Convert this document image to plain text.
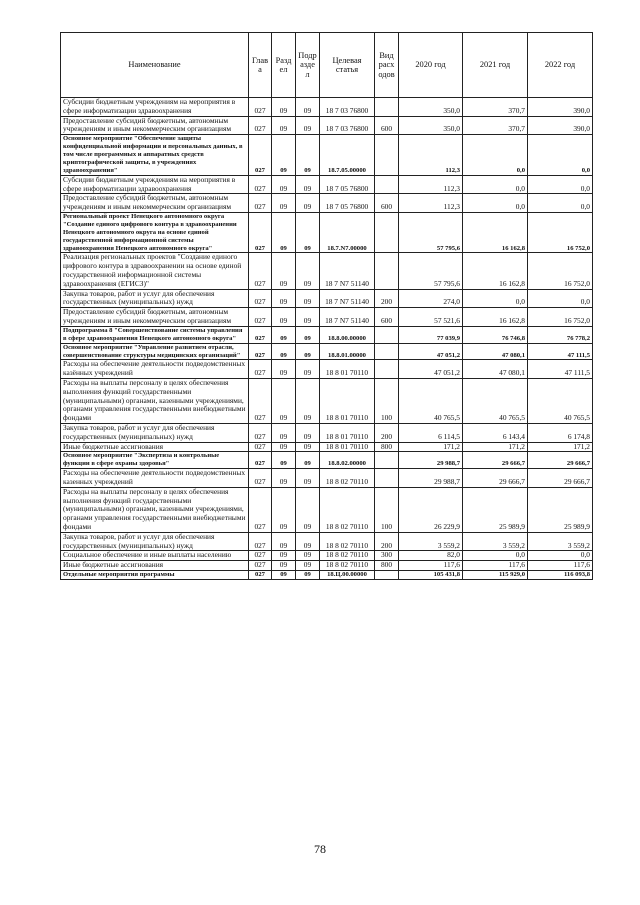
Наименование	Глава	Раздел	Подраздел	Целевая статья	Вид расходов	2020 год	2021 год	2022 год
Субсидии бюджетным учреждениям на мероприятия в сфере информатизации здравоохранения	027	09	09	18 7 03 76800		350,0	370,7	390,0
Предоставление субсидий бюджетным, автономным учреждениям и иным некоммерческим организациям	027	09	09	18 7 03 76800	600	350,0	370,7	390,0
Основное мероприятие "Обеспечение защиты конфиденциальной информации и персональных данных, в том числе программных и аппаратных средств криптографической защиты, в учреждениях здравоохранения"	027	09	09	18.7.05.00000		112,3	0,0	0,0
Субсидии бюджетным учреждениям на мероприятия в сфере информатизации здравоохранения	027	09	09	18 7 05 76800		112,3	0,0	0,0
Предоставление субсидий бюджетным, автономным учреждениям и иным некоммерческим организациям	027	09	09	18 7 05 76800	600	112,3	0,0	0,0
Региональный проект Ненецкого автономного округа "Создание единого цифрового контура в здравоохранении Ненецкого автономного округа на основе единой государственной информационной системы здравоохранения Ненецкого автономного округа"	027	09	09	18.7.N7.00000		57 795,6	16 162,8	16 752,0
Реализация региональных проектов "Создание единого цифрового контура в здравоохранении на основе единой государственной информационной системы здравоохранения (ЕГИСЗ)"	027	09	09	18 7 N7 51140		57 795,6	16 162,8	16 752,0
Закупка товаров, работ и услуг для обеспечения государственных (муниципальных) нужд	027	09	09	18 7 N7 51140	200	274,0	0,0	0,0
Предоставление субсидий бюджетным, автономным учреждениям и иным некоммерческим организациям	027	09	09	18 7 N7 51140	600	57 521,6	16 162,8	16 752,0
Подпрограмма 8 "Совершенствование системы управления в сфере здравоохранения Ненецкого автономного округа"	027	09	09	18.8.00.00000		77 039,9	76 746,8	76 778,2
Основное мероприятие "Управление развитием отрасли, совершенствование структуры медицинских организаций"	027	09	09	18.8.01.00000		47 051,2	47 080,1	47 111,5
Расходы на обеспечение деятельности подведомственных казённых учреждений	027	09	09	18 8 01 70110		47 051,2	47 080,1	47 111,5
Расходы на выплаты персоналу в целях обеспечения выполнения функций государственными (муниципальными) органами, казенными учреждениями, органами управления государственными внебюджетными фондами	027	09	09	18 8 01 70110	100	40 765,5	40 765,5	40 765,5
Закупка товаров, работ и услуг для обеспечения государственных (муниципальных) нужд	027	09	09	18 8 01 70110	200	6 114,5	6 143,4	6 174,8
Иные бюджетные ассигнования	027	09	09	18 8 01 70110	800	171,2	171,2	171,2
Основное мероприятие "Экспертиза и контрольные функции в сфере охраны здоровья"	027	09	09	18.8.02.00000		29 988,7	29 666,7	29 666,7
Расходы на обеспечение деятельности подведомственных казенных учреждений	027	09	09	18 8 02 70110		29 988,7	29 666,7	29 666,7
Расходы на выплаты персоналу в целях обеспечения выполнения функций государственными (муниципальными) органами, казенными учреждениями, органами управления государственными внебюджетными фондами	027	09	09	18 8 02 70110	100	26 229,9	25 989,9	25 989,9
Закупка товаров, работ и услуг для обеспечения государственных (муниципальных) нужд	027	09	09	18 8 02 70110	200	3 559,2	3 559,2	3 559,2
Социальное обеспечение и иные выплаты населению	027	09	09	18 8 02 70110	300	82,0	0,0	0,0
Иные бюджетные ассигнования	027	09	09	18 8 02 70110	800	117,6	117,6	117,6
Отдельные мероприятия программы	027	09	09	18.Ц.00.00000		105 431,8	115 929,0	116 093,8
78
